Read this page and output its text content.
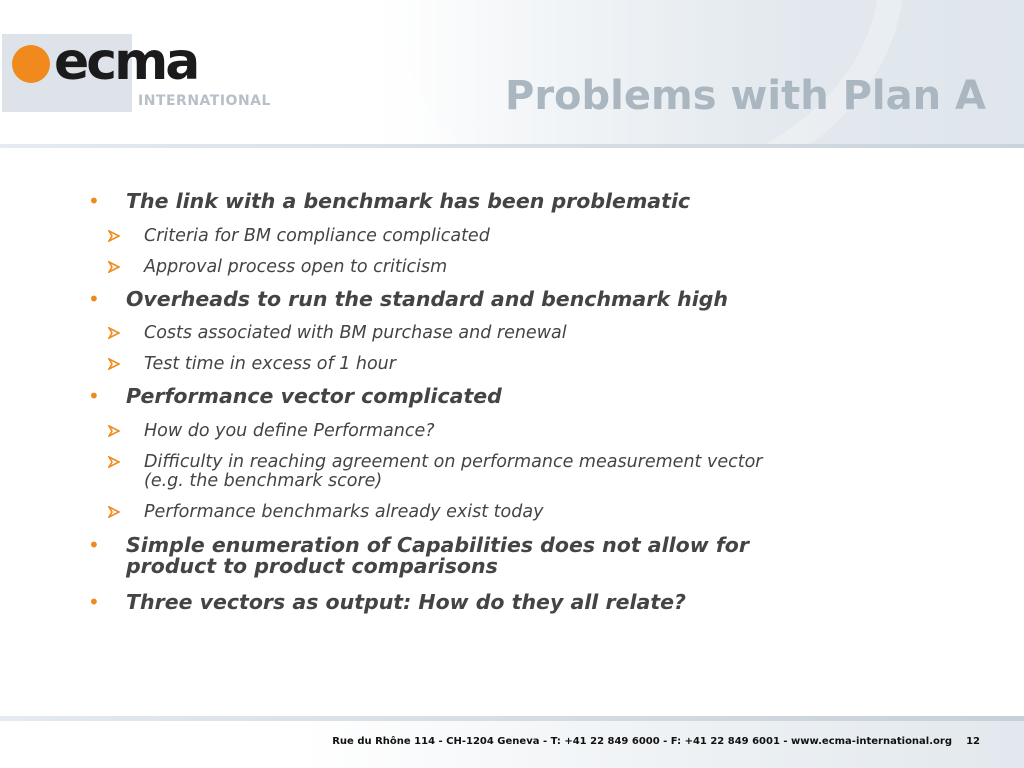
ecma
INTERNATIONAL	Problems with Plan A
• The link with a benchmark has been problematic
Criteria for BM compliance complicated
Approval process open to criticism
• Overheads to run the standard and benchmark high
Costs associated with BM purchase and renewal
Test time in excess of 1 hour
• Performance vector complicated
How do you define Performance?
Difficulty in reaching agreement on performance measurement vector
(e.g. the benchmark score)
Performance benchmarks already exist today
• Simple enumeration of Capabilities does not allow for
product to product comparisons
• Three vectors as output: How do they all relate?
Rue du Rhône 114 - CH-1204 Geneva - T: +41 22 849 6000 - F: +41 22 849 6001 - www.ecma-international.org 12
